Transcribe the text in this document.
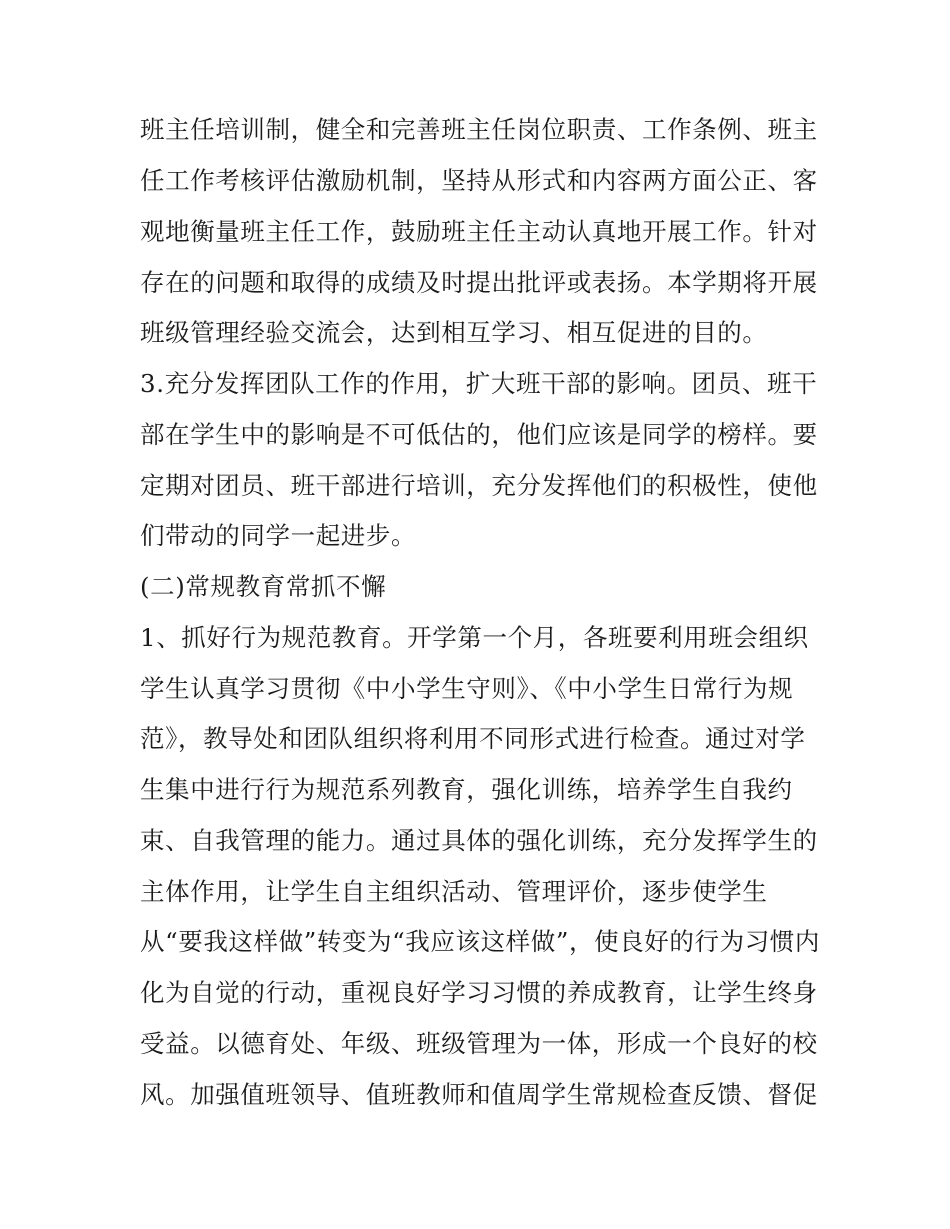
班主任培训制，健全和完善班主任岗位职责、工作条例、班主
任工作考核评估激励机制，坚持从形式和内容两方面公正、客
观地衡量班主任工作，鼓励班主任主动认真地开展工作。针对
存在的问题和取得的成绩及时提出批评或表扬。本学期将开展
班级管理经验交流会，达到相互学习、相互促进的目的。
3.充分发挥团队工作的作用，扩大班干部的影响。团员、班干
部在学生中的影响是不可低估的，他们应该是同学的榜样。要
定期对团员、班干部进行培训，充分发挥他们的积极性，使他
们带动的同学一起进步。
(二)常规教育常抓不懈
1、抓好行为规范教育。开学第一个月，各班要利用班会组织
学生认真学习贯彻《中小学生守则》、《中小学生日常行为规
范》，教导处和团队组织将利用不同形式进行检查。通过对学
生集中进行行为规范系列教育，强化训练，培养学生自我约
束、自我管理的能力。通过具体的强化训练，充分发挥学生的
主体作用，让学生自主组织活动、管理评价，逐步使学生
从“要我这样做”转变为“我应该这样做”，使良好的行为习惯内
化为自觉的行动，重视良好学习习惯的养成教育，让学生终身
受益。以德育处、年级、班级管理为一体，形成一个良好的校
风。加强值班领导、值班教师和值周学生常规检查反馈、督促
